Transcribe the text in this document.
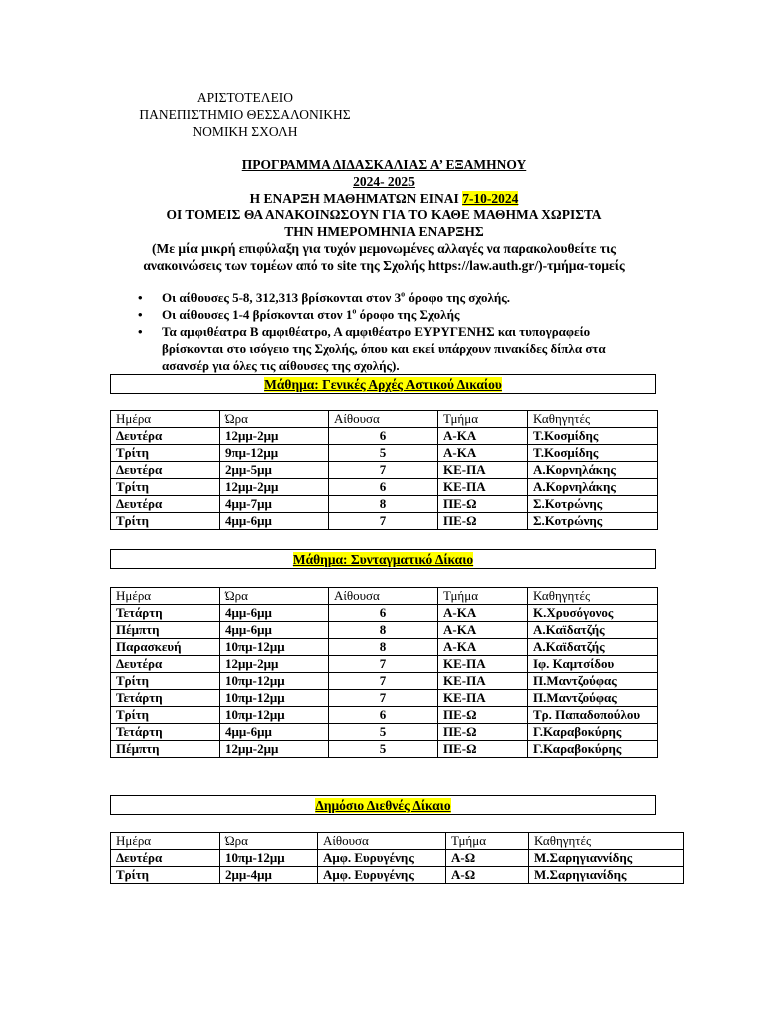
ΑΡΙΣΤΟΤΕΛΕΙΟ
ΠΑΝΕΠΙΣΤΗΜΙΟ ΘΕΣΣΑΛΟΝΙΚΗΣ
ΝΟΜΙΚΗ ΣΧΟΛΗ
ΠΡΟΓΡΑΜΜΑ ΔΙΔΑΣΚΑΛΙΑΣ Α’ ΕΞΑΜΗΝΟΥ
2024- 2025
Η ΕΝΑΡΞΗ ΜΑΘΗΜΑΤΩΝ ΕΙΝΑΙ 7-10-2024
ΟΙ ΤΟΜΕΙΣ ΘΑ ΑΝΑΚΟΙΝΩΣΟΥΝ ΓΙΑ ΤΟ ΚΑΘΕ ΜΑΘΗΜΑ ΧΩΡΙΣΤΑ
ΤΗΝ ΗΜΕΡΟΜΗΝΙΑ ΕΝΑΡΞΗΣ
(Με μία μικρή επιφύλαξη για τυχόν μεμονωμένες αλλαγές να παρακολουθείτε τις ανακοινώσεις των τομέων από το site της Σχολής https://law.auth.gr/)-τμήμα-τομείς
• Οι αίθουσες 5-8, 312,313 βρίσκονται στον $3^o$ όροφο της σχολής.
• Οι αίθουσες 1-4 βρίσκονται στον $1^o$ όροφο της Σχολής
• Τα αμφιθέατρα Β αμφιθέατρο, Α αμφιθέατρο ΕΥΡΥΓΕΝΗΣ και τυπογραφείο βρίσκονται στο ισόγειο της Σχολής, όπου και εκεί υπάρχουν πινακίδες δίπλα στα ασανσέρ για όλες τις αίθουσες της σχολής).
Μάθημα: Γενικές Αρχές Αστικού Δικαίου
Ημέρα	Ώρα	Αίθουσα	Τμήμα	Καθηγητές
Δευτέρα	12μμ-2μμ	6	Α-ΚΑ	Τ.Κοσμίδης
Τρίτη	9πμ-12μμ	5	Α-ΚΑ	Τ.Κοσμίδης
Δευτέρα	2μμ-5μμ	7	ΚΕ-ΠΑ	Α.Κορνηλάκης
Τρίτη	12μμ-2μμ	6	ΚΕ-ΠΑ	Α.Κορνηλάκης
Δευτέρα	4μμ-7μμ	8	ΠΕ-Ω	Σ.Κοτρώνης
Τρίτη	4μμ-6μμ	7	ΠΕ-Ω	Σ.Κοτρώνης
Μάθημα: Συνταγματικό Δίκαιο
Ημέρα	Ώρα	Αίθουσα	Τμήμα	Καθηγητές
Τετάρτη	4μμ-6μμ	6	Α-ΚΑ	Κ.Χρυσόγονος
Πέμπτη	4μμ-6μμ	8	Α-ΚΑ	Α.Καϊδατζής
Παρασκευή	10πμ-12μμ	8	Α-ΚΑ	Α.Καϊδατζής
Δευτέρα	12μμ-2μμ	7	ΚΕ-ΠΑ	Ιφ. Καμτσίδου
Τρίτη	10πμ-12μμ	7	ΚΕ-ΠΑ	Π.Μαντζούφας
Τετάρτη	10πμ-12μμ	7	ΚΕ-ΠΑ	Π.Μαντζούφας
Τρίτη	10πμ-12μμ	6	ΠΕ-Ω	Τρ. Παπαδοπούλου
Τετάρτη	4μμ-6μμ	5	ΠΕ-Ω	Γ.Καραβοκύρης
Πέμπτη	12μμ-2μμ	5	ΠΕ-Ω	Γ.Καραβοκύρης
Δημόσιο Διεθνές Δίκαιο
Ημέρα	Ώρα	Αίθουσα	Τμήμα	Καθηγητές
Δευτέρα	10πμ-12μμ	Αμφ. Ευρυγένης	Α-Ω	Μ.Σαρηγιαννίδης
Τρίτη	2μμ-4μμ	Αμφ. Ευρυγένης	Α-Ω	Μ.Σαρηγιανίδης
